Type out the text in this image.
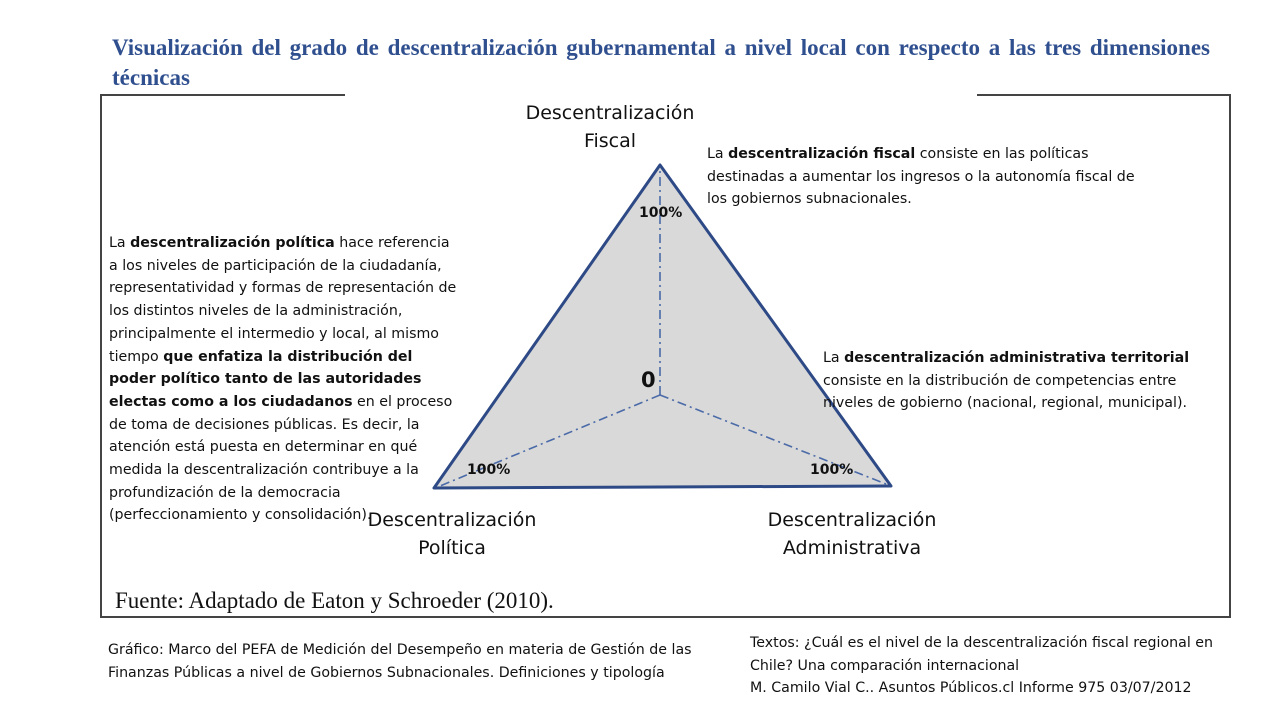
Visualización del grado de descentralización gubernamental a nivel local con respecto a las tres dimensiones técnicas
100%
100%	100%
0
Descentralización
Fiscal
Descentralización
Política
Descentralización
Administrativa
La descentralización fiscal consiste en las políticas destinadas a aumentar los ingresos o la autonomía fiscal de los gobiernos subnacionales.
La descentralización administrativa territorial consiste en la distribución de competencias entre niveles de gobierno (nacional, regional, municipal).
La descentralización política hace referencia a los niveles de participación de la ciudadanía, representatividad y formas de representación de los distintos niveles de la administración, principalmente el intermedio y local, al mismo tiempo que enfatiza la distribución del poder político tanto de las autoridades electas como a los ciudadanos en el proceso de toma de decisiones públicas. Es decir, la atención está puesta en determinar en qué medida la descentralización contribuye a la profundización de la democracia (perfeccionamiento y consolidación).
Fuente: Adaptado de Eaton y Schroeder (2010).
Gráfico: Marco del PEFA de Medición del Desempeño en materia de Gestión de las Finanzas Públicas a nivel de Gobiernos Subnacionales. Definiciones y tipología
Textos: ¿Cuál es el nivel de la descentralización fiscal regional en Chile? Una comparación internacional
M. Camilo Vial C.. Asuntos Públicos.cl Informe 975 03/07/2012
